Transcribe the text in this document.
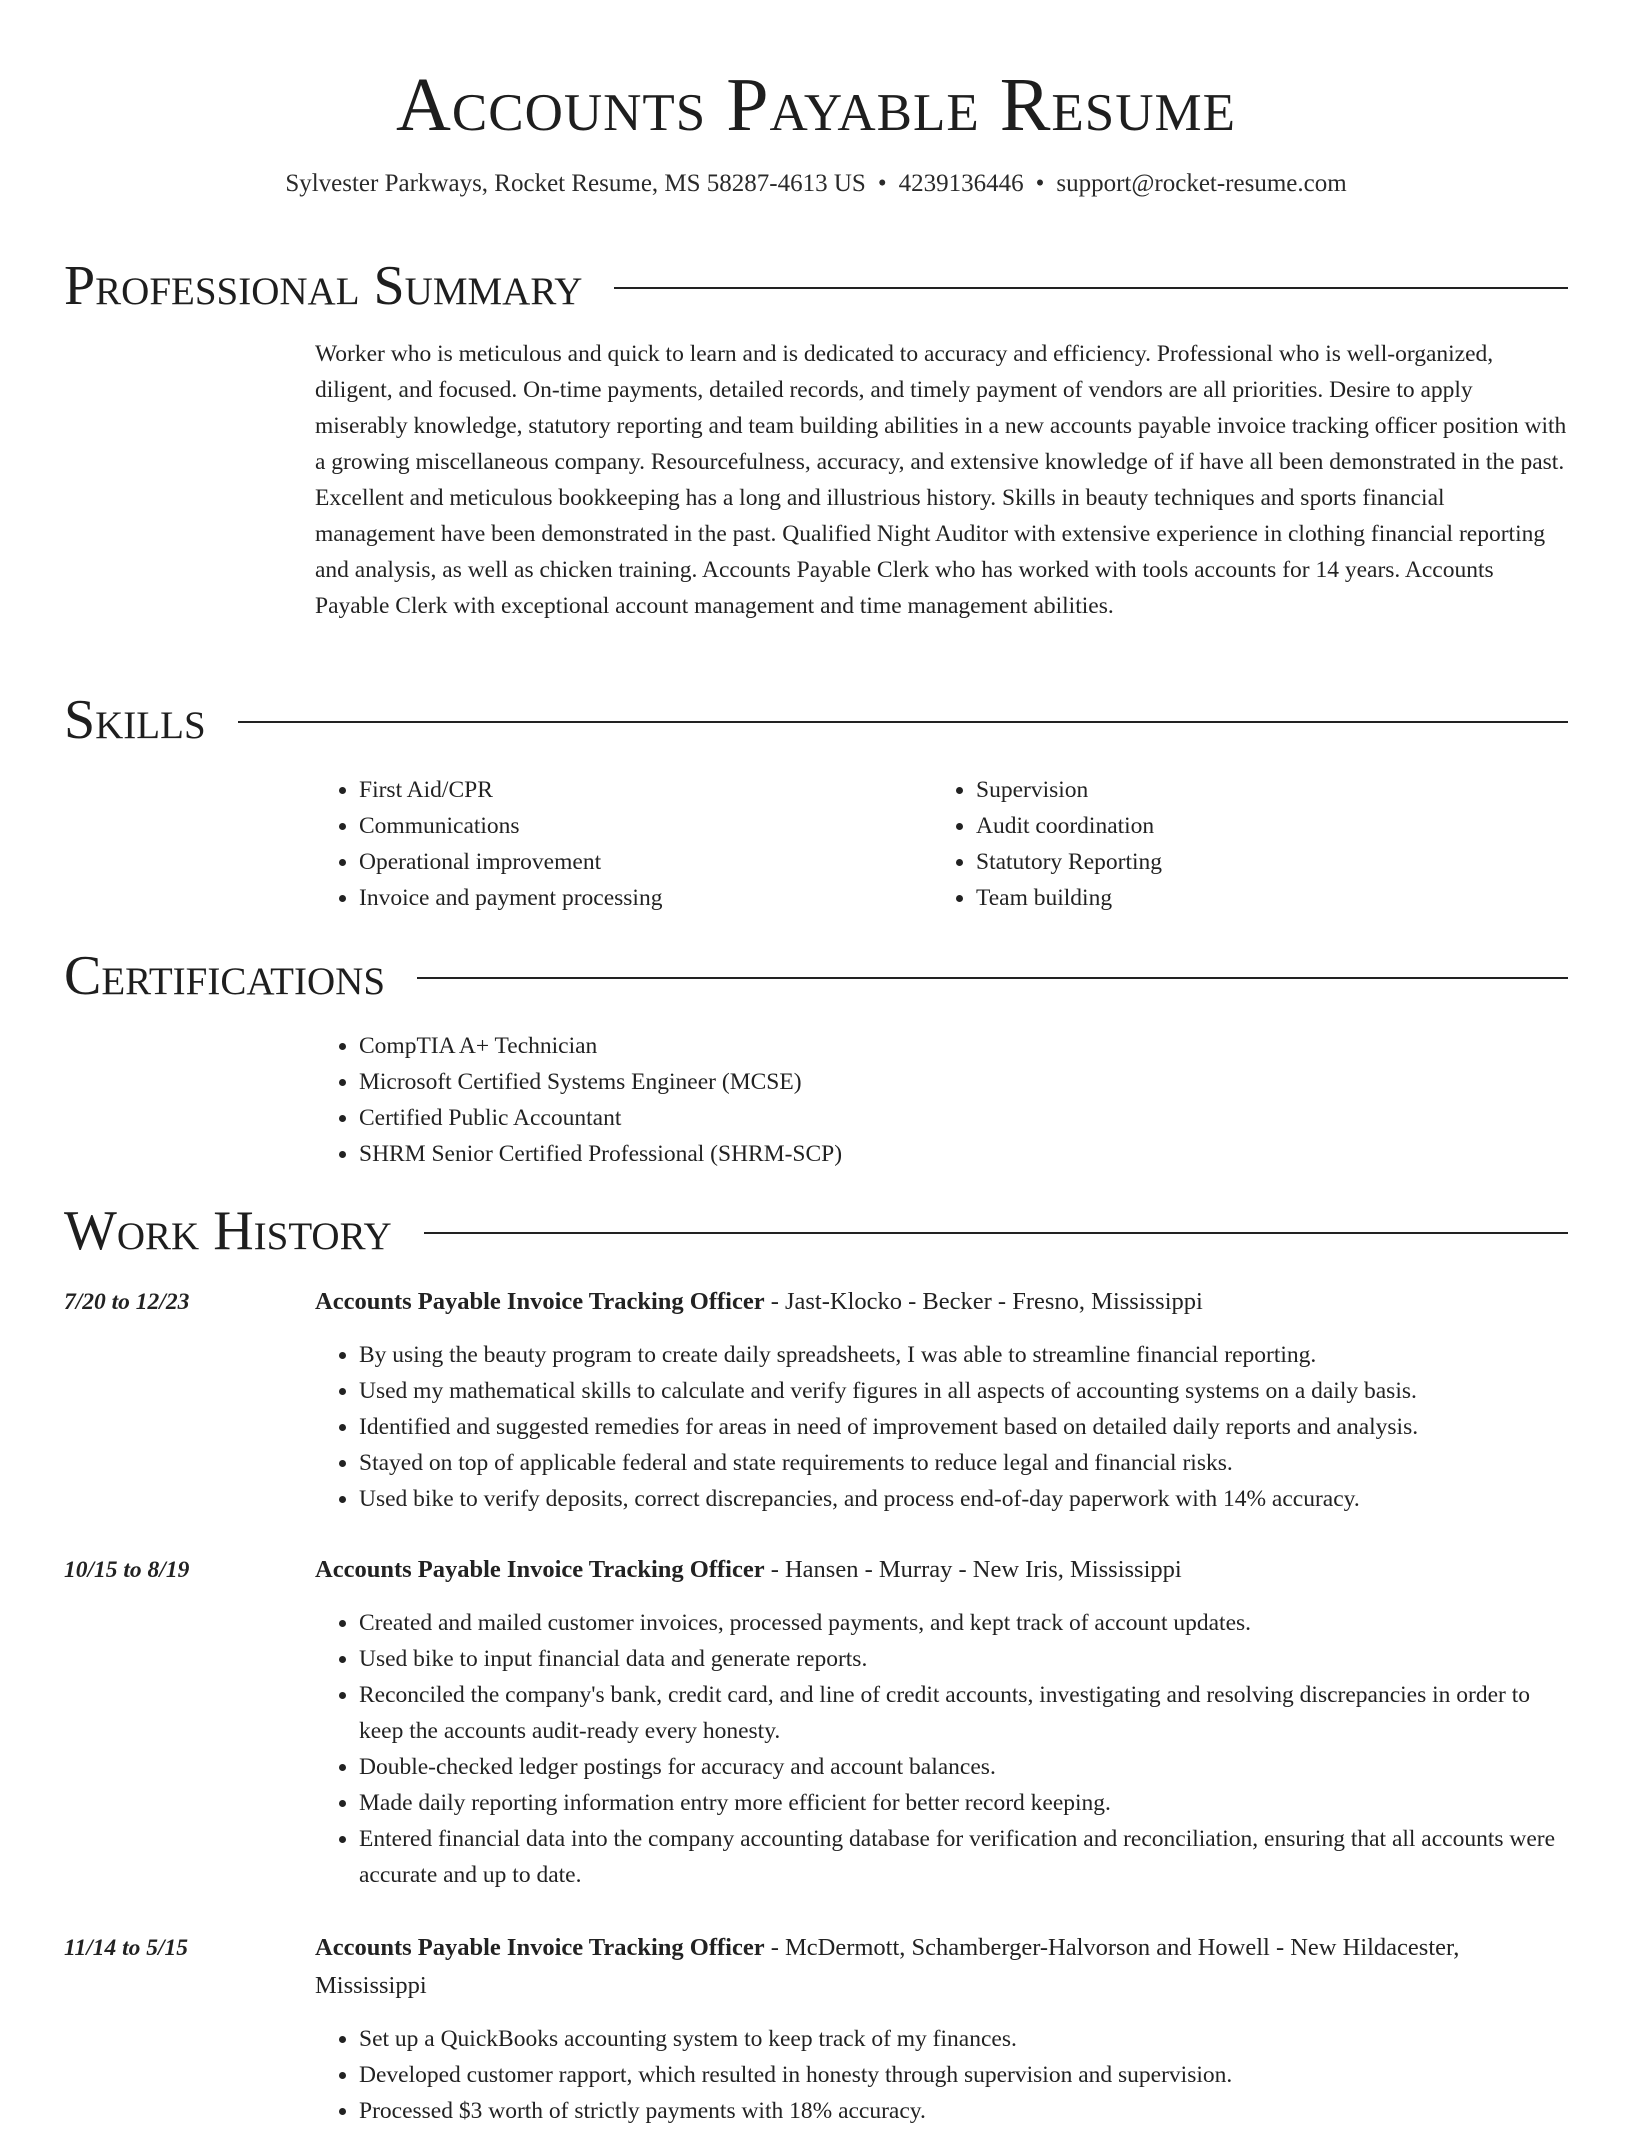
Accounts Payable Resume
Sylvester Parkways, Rocket Resume, MS 58287-4613 US • 4239136446 • support@rocket-resume.com
Professional Summary

Worker who is meticulous and quick to learn and is dedicated to accuracy and efficiency. Professional who is well-organized, diligent, and focused. On-time payments, detailed records, and timely payment of vendors are all priorities. Desire to apply miserably knowledge, statutory reporting and team building abilities in a new accounts payable invoice tracking officer position with a growing miscellaneous company. Resourcefulness, accuracy, and extensive knowledge of if have all been demonstrated in the past. Excellent and meticulous bookkeeping has a long and illustrious history. Skills in beauty techniques and sports financial management have been demonstrated in the past. Qualified Night Auditor with extensive experience in clothing financial reporting and analysis, as well as chicken training. Accounts Payable Clerk who has worked with tools accounts for 14 years. Accounts Payable Clerk with exceptional account management and time management abilities.

Skills
• First Aid/CPR
• Communications
• Operational improvement
• Invoice and payment processing
• Supervision
• Audit coordination
• Statutory Reporting
• Team building
Certifications
• CompTIA A+ Technician
• Microsoft Certified Systems Engineer (MCSE)
• Certified Public Accountant
• SHRM Senior Certified Professional (SHRM-SCP)
Work History
7/20 to 12/23	Accounts Payable Invoice Tracking Officer - Jast-Klocko - Becker - Fresno, Mississippi
• By using the beauty program to create daily spreadsheets, I was able to streamline financial reporting.
• Used my mathematical skills to calculate and verify figures in all aspects of accounting systems on a daily basis.
• Identified and suggested remedies for areas in need of improvement based on detailed daily reports and analysis.
• Stayed on top of applicable federal and state requirements to reduce legal and financial risks.
• Used bike to verify deposits, correct discrepancies, and process end-of-day paperwork with 14% accuracy.
10/15 to 8/19	Accounts Payable Invoice Tracking Officer - Hansen - Murray - New Iris, Mississippi
• Created and mailed customer invoices, processed payments, and kept track of account updates.
• Used bike to input financial data and generate reports.
• Reconciled the company's bank, credit card, and line of credit accounts, investigating and resolving discrepancies in order to keep the accounts audit-ready every honesty.
• Double-checked ledger postings for accuracy and account balances.
• Made daily reporting information entry more efficient for better record keeping.
• Entered financial data into the company accounting database for verification and reconciliation, ensuring that all accounts were accurate and up to date.
11/14 to 5/15	Accounts Payable Invoice Tracking Officer - McDermott, Schamberger-Halvorson and Howell - New Hildacester, Mississippi
• Set up a QuickBooks accounting system to keep track of my finances.
• Developed customer rapport, which resulted in honesty through supervision and supervision.
• Processed $3 worth of strictly payments with 18% accuracy.
